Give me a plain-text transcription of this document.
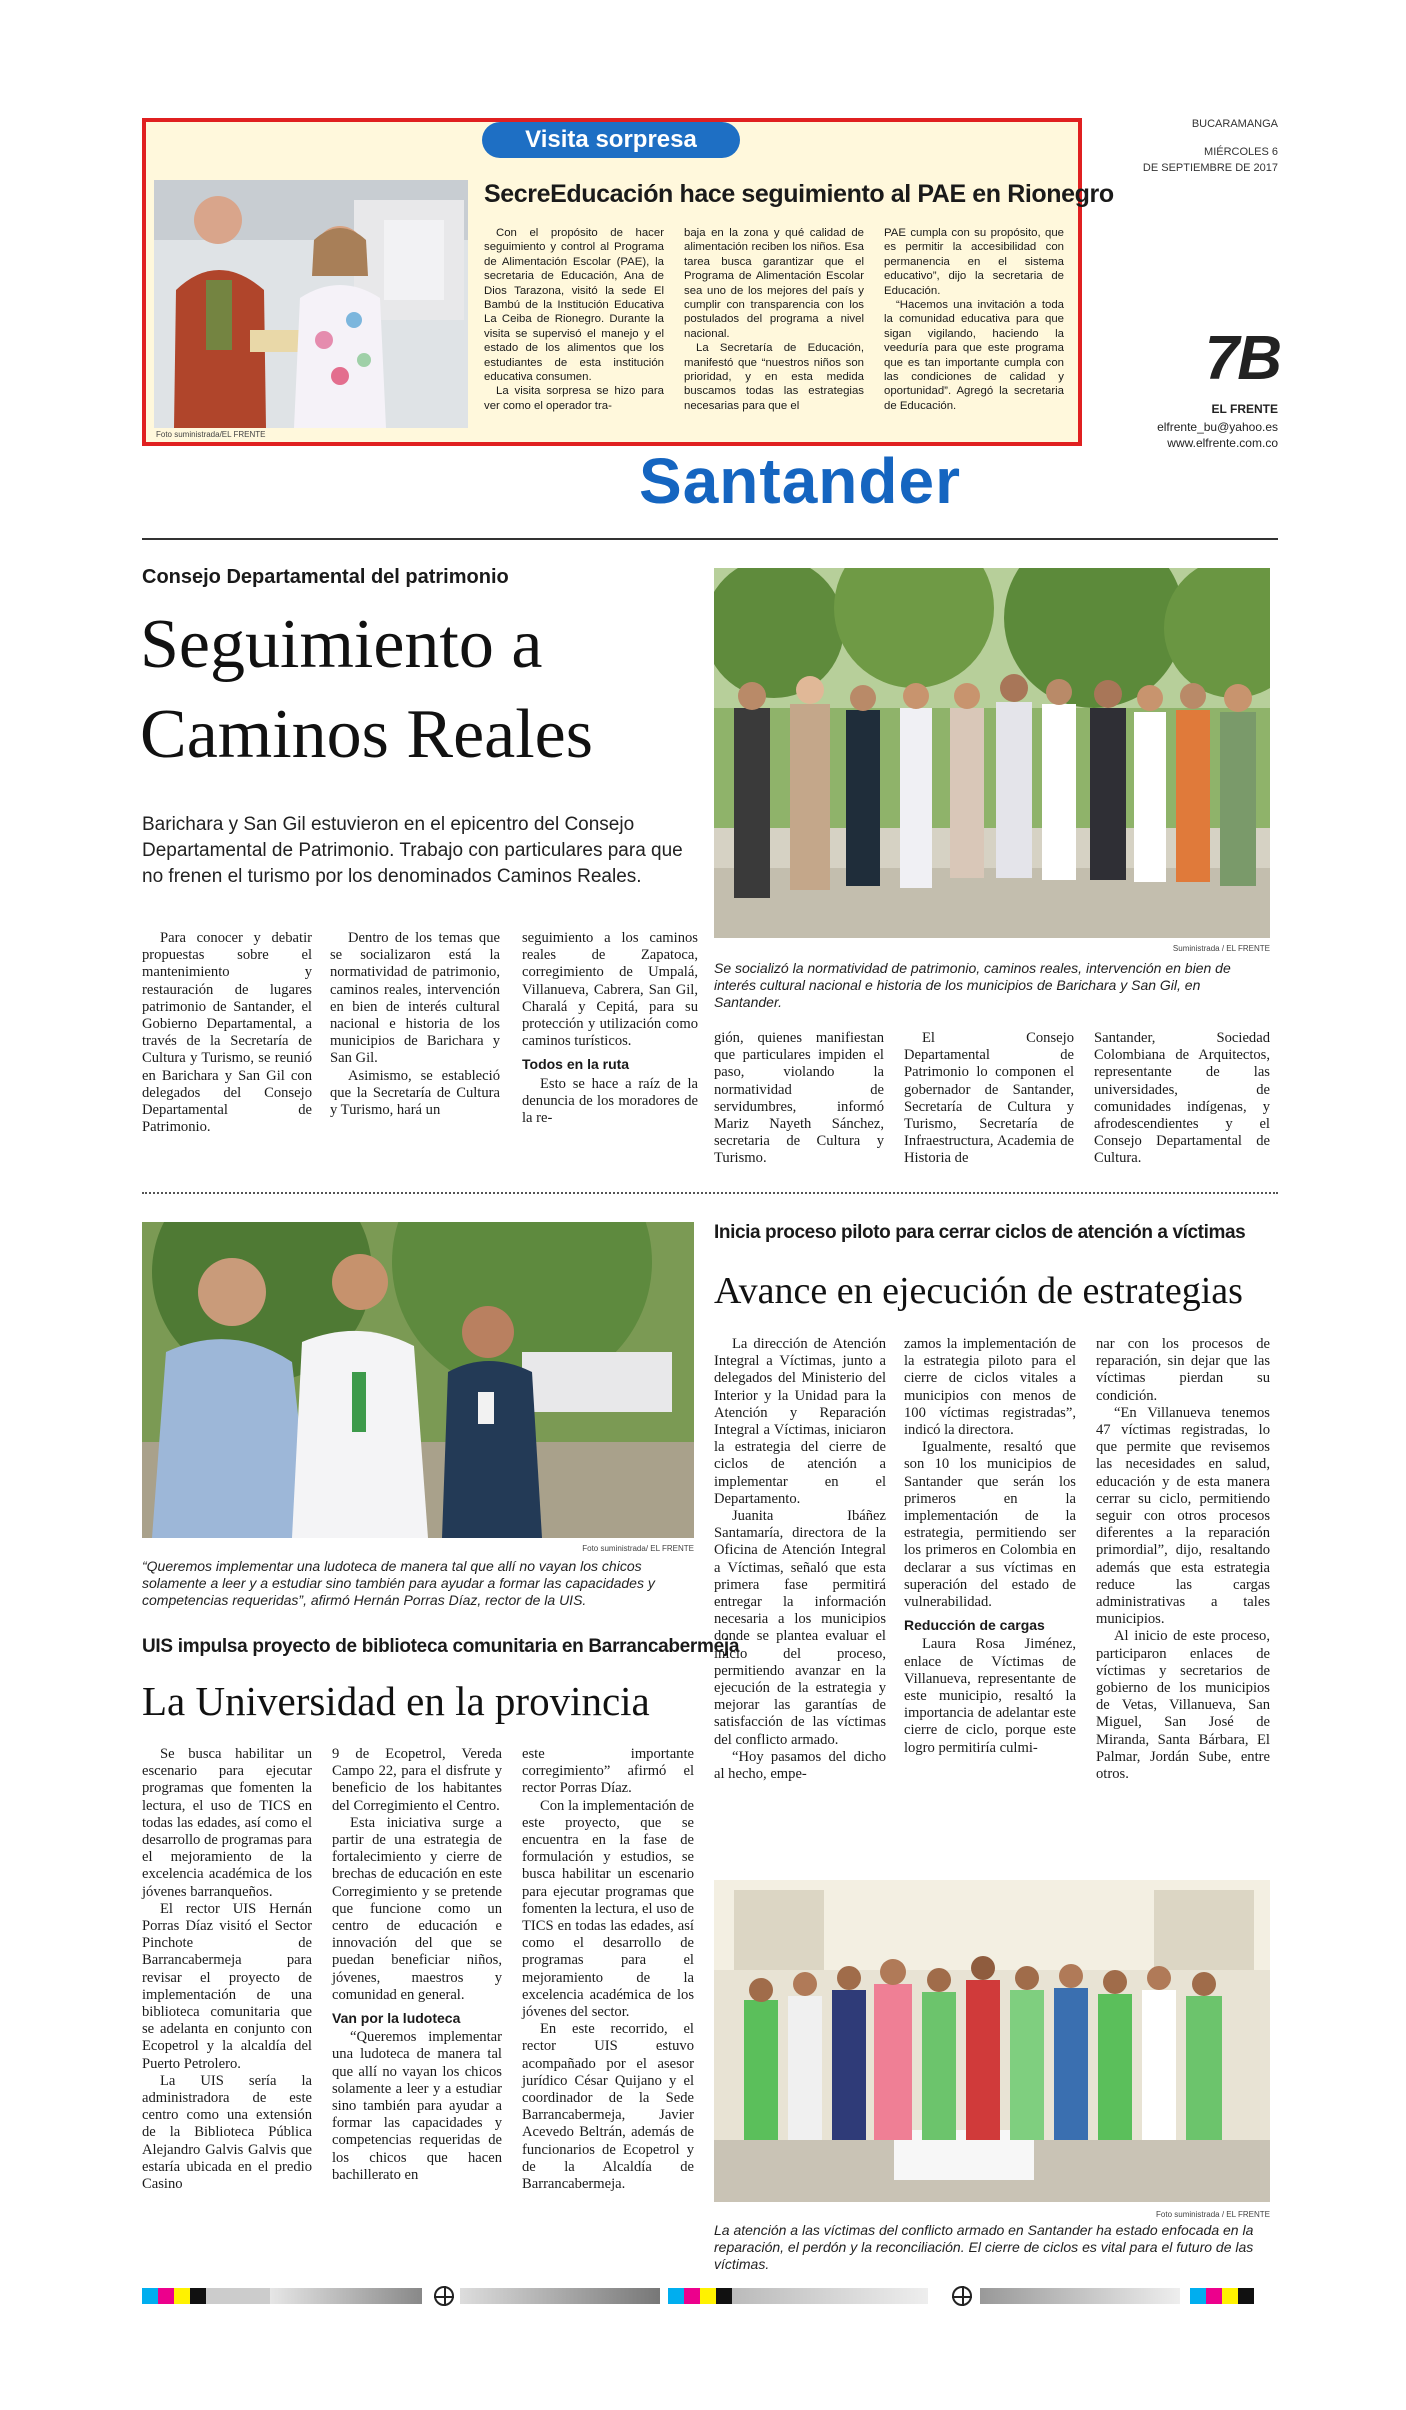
BUCARAMANGA
MIÉRCOLES 6
DE SEPTIEMBRE DE 2017
7B
EL FRENTE
elfrente_bu@yahoo.es
www.elfrente.com.co
Visita sorpresa
Foto suministrada/EL FRENTE
SecreEducación hace seguimiento al PAE en Rionegro

Con el propósito de hacer seguimiento y control al Programa de Alimentación Escolar (PAE), la secretaria de Educación, Ana de Dios Tarazona, visitó la sede El Bambú de la Institución Educativa La Ceiba de Rionegro. Durante la visita se supervisó el manejo y el estado de los alimentos que los estudiantes de esta institución educativa consumen.

La visita sorpresa se hizo para ver como el operador tra-

baja en la zona y qué calidad de alimentación reciben los niños. Esa tarea busca garantizar que el Programa de Alimentación Escolar sea uno de los mejores del país y cumplir con transparencia con los postulados del programa a nivel nacional.

La Secretaría de Educación, manifestó que “nuestros niños son prioridad, y en esta medida buscamos todas las estrategias necesarias para que el

PAE cumpla con su propósito, que es permitir la accesibilidad con permanencia en el sistema educativo”, dijo la secretaria de Educación.

“Hacemos una invitación a toda la comunidad educativa para que sigan vigilando, haciendo la veeduría para que este programa que es tan importante cumpla con las condiciones de calidad y oportunidad”. Agregó la secretaria de Educación.

Santander
Consejo Departamental del patrimonio
Seguimiento a Caminos Reales
Barichara y San Gil estuvieron en el epicentro del Consejo Departamental de Patrimonio. Trabajo con particulares para que no frenen el turismo por los denominados Caminos Reales.
Suministrada / EL FRENTE
Se socializó la normatividad de patrimonio, caminos reales, intervención en bien de interés cultural nacional e historia de los municipios de Barichara y San Gil, en Santander.

Para conocer y debatir propuestas sobre el mantenimiento y restauración de lugares patrimonio de Santander, el Gobierno Departamental, a través de la Secretaría de Cultura y Turismo, se reunió en Barichara y San Gil con delegados del Consejo Departamental de Patrimonio.

Dentro de los temas que se socializaron está la normatividad de patrimonio, caminos reales, intervención en bien de interés cultural nacional e historia de los municipios de Barichara y San Gil.

Asimismo, se estableció que la Secretaría de Cultura y Turismo, hará un

seguimiento a los caminos reales de Zapatoca, corregimiento de Umpalá, Villanueva, Cabrera, San Gil, Charalá y Cepitá, para su protección y utilización como caminos turísticos.

Todos en la ruta

Esto se hace a raíz de la denuncia de los moradores de la re-

gión, quienes manifiestan que particulares impiden el paso, violando la normatividad de servidumbres, informó Mariz Nayeth Sánchez, secretaria de Cultura y Turismo.

El Consejo Departamental de Patrimonio lo componen el gobernador de Santander, Secretaría de Cultura y Turismo, Secretaría de Infraestructura, Academia de Historia de

Santander, Sociedad Colombiana de Arquitectos, representante de las universidades, de comunidades indígenas, y afrodescendientes y el Consejo Departamental de Cultura.

Foto suministrada/ EL FRENTE
“Queremos implementar una ludoteca de manera tal que allí no vayan los chicos solamente a leer y a estudiar sino también para ayudar a formar las capacidades y competencias requeridas”, afirmó Hernán Porras Díaz, rector de la UIS.
UIS impulsa proyecto de biblioteca comunitaria en Barrancabermeja
La Universidad en la provincia

Se busca habilitar un escenario para ejecutar programas que fomenten la lectura, el uso de TICS en todas las edades, así como el desarrollo de programas para el mejoramiento de la excelencia académica de los jóvenes barranqueños.

El rector UIS Hernán Porras Díaz visitó el Sector Pinchote de Barrancabermeja para revisar el proyecto de implementación de una biblioteca comunitaria que se adelanta en conjunto con Ecopetrol y la alcaldía del Puerto Petrolero.

La UIS sería la administradora de este centro como una extensión de la Biblioteca Pública Alejandro Galvis Galvis que estaría ubicada en el predio Casino

9 de Ecopetrol, Vereda Campo 22, para el disfrute y beneficio de los habitantes del Corregimiento el Centro.

Esta iniciativa surge a partir de una estrategia de fortalecimiento y cierre de brechas de educación en este Corregimiento y se pretende que funcione como un centro de educación e innovación del que se puedan beneficiar niños, jóvenes, maestros y comunidad en general.

Van por la ludoteca

“Queremos implementar una ludoteca de manera tal que allí no vayan los chicos solamente a leer y a estudiar sino también para ayudar a formar las capacidades y competencias requeridas de los chicos que hacen bachillerato en

este importante corregimiento” afirmó el rector Porras Díaz.

Con la implementación de este proyecto, que se encuentra en la fase de formulación y estudios, se busca habilitar un escenario para ejecutar programas que fomenten la lectura, el uso de TICS en todas las edades, así como el desarrollo de programas para el mejoramiento de la excelencia académica de los jóvenes del sector.

En este recorrido, el rector UIS estuvo acompañado por el asesor jurídico César Quijano y el coordinador de la Sede Barrancabermeja, Javier Acevedo Beltrán, además de funcionarios de Ecopetrol y de la Alcaldía de Barrancabermeja.

Inicia proceso piloto para cerrar ciclos de atención a víctimas
Avance en ejecución de estrategias

La dirección de Atención Integral a Víctimas, junto a delegados del Ministerio del Interior y la Unidad para la Atención y Reparación Integral a Víctimas, iniciaron la estrategia del cierre de ciclos de atención a implementar en el Departamento.

Juanita Ibáñez Santamaría, directora de la Oficina de Atención Integral a Víctimas, señaló que esta primera fase permitirá entregar la información necesaria a los municipios donde se plantea evaluar el inicio del proceso, permitiendo avanzar en la ejecución de la estrategia y mejorar las garantías de satisfacción de las víctimas del conflicto armado.

“Hoy pasamos del dicho al hecho, empe-

zamos la implementación de la estrategia piloto para el cierre de ciclos vitales a municipios con menos de 100 víctimas registradas”, indicó la directora.

Igualmente, resaltó que son 10 los municipios de Santander que serán los primeros en la implementación de la estrategia, permitiendo ser los primeros en Colombia en declarar a sus víctimas en superación del estado de vulnerabilidad.

Reducción de cargas

Laura Rosa Jiménez, enlace de Víctimas de Villanueva, representante de este municipio, resaltó la importancia de adelantar este cierre de ciclo, porque este logro permitiría culmi-

nar con los procesos de reparación, sin dejar que las víctimas pierdan su condición.

“En Villanueva tenemos 47 víctimas registradas, lo que permite que revisemos las necesidades en salud, educación y de esta manera cerrar su ciclo, permitiendo seguir con otros procesos diferentes a la reparación primordial”, dijo, resaltando además que esta estrategia reduce las cargas administrativas a tales municipios.

Al inicio de este proceso, participaron enlaces de víctimas y secretarios de gobierno de los municipios de Vetas, Villanueva, San Miguel, San José de Miranda, Santa Bárbara, El Palmar, Jordán Sube, entre otros.

Foto suministrada / EL FRENTE
La atención a las víctimas del conflicto armado en Santander ha estado enfocada en la reparación, el perdón y la reconciliación. El cierre de ciclos es vital para el futuro de las víctimas.
